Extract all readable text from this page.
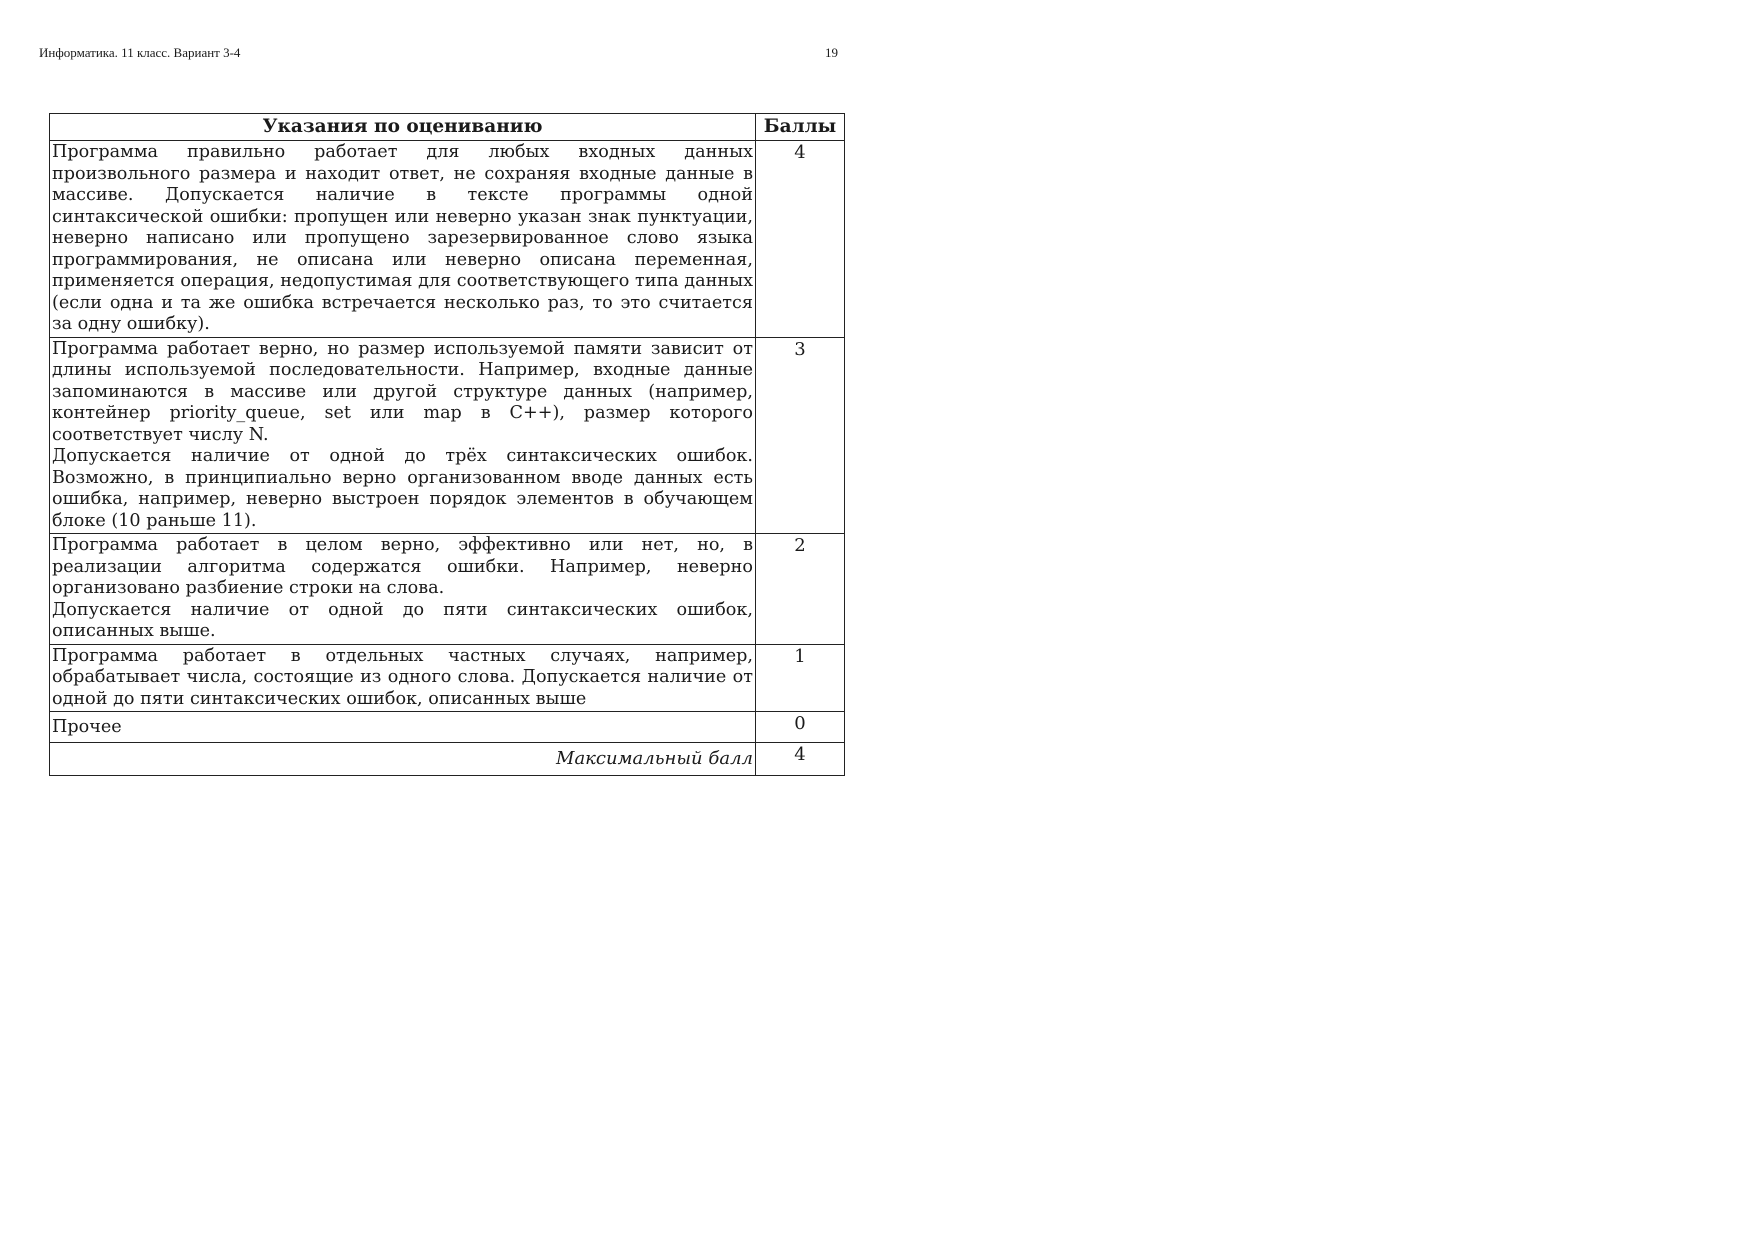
Информатика. 11 класс. Вариант 3-4	19
Указания по оцениванию	Баллы

Программа правильно работает для любых входных данных произвольного размера и находит ответ, не сохраняя входные данные в массиве. Допускается наличие в тексте программы одной синтаксической ошибки: пропущен или неверно указан знак пунктуации, неверно написано или пропущено зарезервированное слово языка программирования, не описана или неверно описана переменная, применяется операция, недопустимая для соответствующего типа данных (если одна и та же ошибка встречается несколько раз, то это считается за одну ошибку).	4

Программа работает верно, но размер используемой памяти зависит от длины используемой последовательности. Например, входные данные запоминаются в массиве или другой структуре данных (например, контейнер priority_queue, set или map в C++), размер которого соответствует числу N.

Допускается наличие от одной до трёх синтаксических ошибок. Возможно, в принципиально верно организованном вводе данных есть ошибка, например, неверно выстроен порядок элементов в обучающем блоке (10 раньше 11).	3

Программа работает в целом верно, эффективно или нет, но, в реализации алгоритма содержатся ошибки. Например, неверно организовано разбиение строки на слова.

Допускается наличие от одной до пяти синтаксических ошибок, описанных выше.	2

Программа работает в отдельных частных случаях, например, обрабатывает числа, состоящие из одного слова. Допускается наличие от одной до пяти синтаксических ошибок, описанных выше	1
Прочее	0
Максимальный балл	4
